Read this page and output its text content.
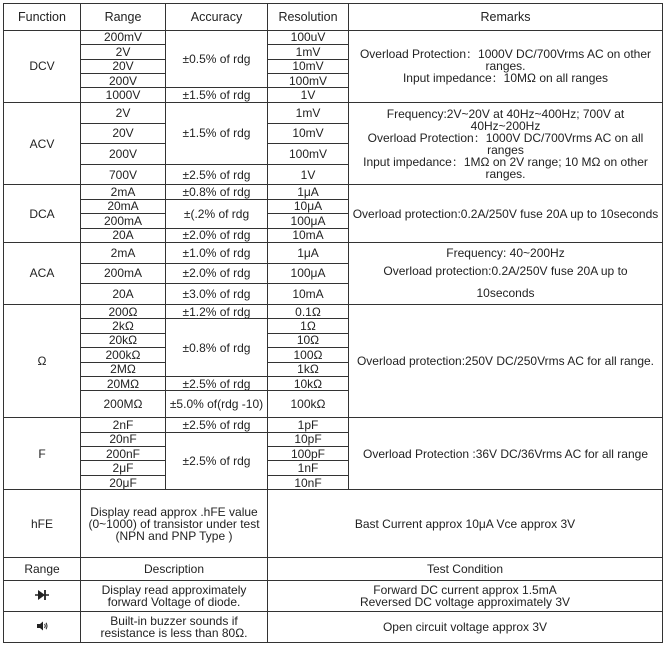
Function	Range	Accuracy	Resolution	Remarks
DCV	200mV	±0.5% of rdg	100uV	Overload Protection：1000V DC/700Vrms AC on other ranges.
Input impedance：10MΩ on all ranges

	2V		1mV	
	20V		10mV	
	200V		100mV	
	1000V	±1.5% of rdg	1V	
ACV	2V	±1.5% of rdg	1mV	Frequency:2V~20V at 40Hz~400Hz; 700V at 40Hz~200Hz
Overload Protection：1000V DC/700Vrms AC on all ranges
Input impedance：1MΩ on 2V range; 10 MΩ on other ranges.

	20V		10mV	
	200V		100mV	
	700V	±2.5% of rdg	1V	
DCA	2mA	±0.8% of rdg	1μA	Overload protection:0.2A/250V fuse 20A up to 10seconds
	20mA	±(.2% of rdg	10μA	
	200mA		100μA	
	20A	±2.0% of rdg	10mA	
ACA	2mA	±1.0% of rdg	1μA	Frequency: 40~200Hz
Overload protection:0.2A/250V fuse 20A up to
10seconds

	200mA	±2.0% of rdg	100μA	
	20A	±3.0% of rdg	10mA	
Ω	200Ω	±1.2% of rdg	0.1Ω	Overload protection:250V DC/250Vrms AC for all range.
	2kΩ	±0.8% of rdg	1Ω	
	20kΩ		10Ω	
	200kΩ		100Ω	
	2MΩ		1kΩ	
	20MΩ	±2.5% of rdg	10kΩ	
	200MΩ	±5.0% of(rdg -10)	100kΩ	
F	2nF	±2.5% of rdg	1pF	Overload Protection :36V DC/36Vrms AC for all range
	20nF	±2.5% of rdg	10pF	
	200nF		100pF	
	2μF		1nF	
	20μF		10nF	
hFE	Display read approx .hFE value (0~1000) of transistor under test (NPN and PNP Type )		Bast Current approx 10μA Vce approx 3V	
Range	Description		Test Condition	
	Display read approximately forward Voltage of diode.		Forward DC current approx 1.5mA
Reversed DC voltage approximately 3V	

	Built-in buzzer sounds if resistance is less than 80Ω.		Open circuit voltage approx 3V	
